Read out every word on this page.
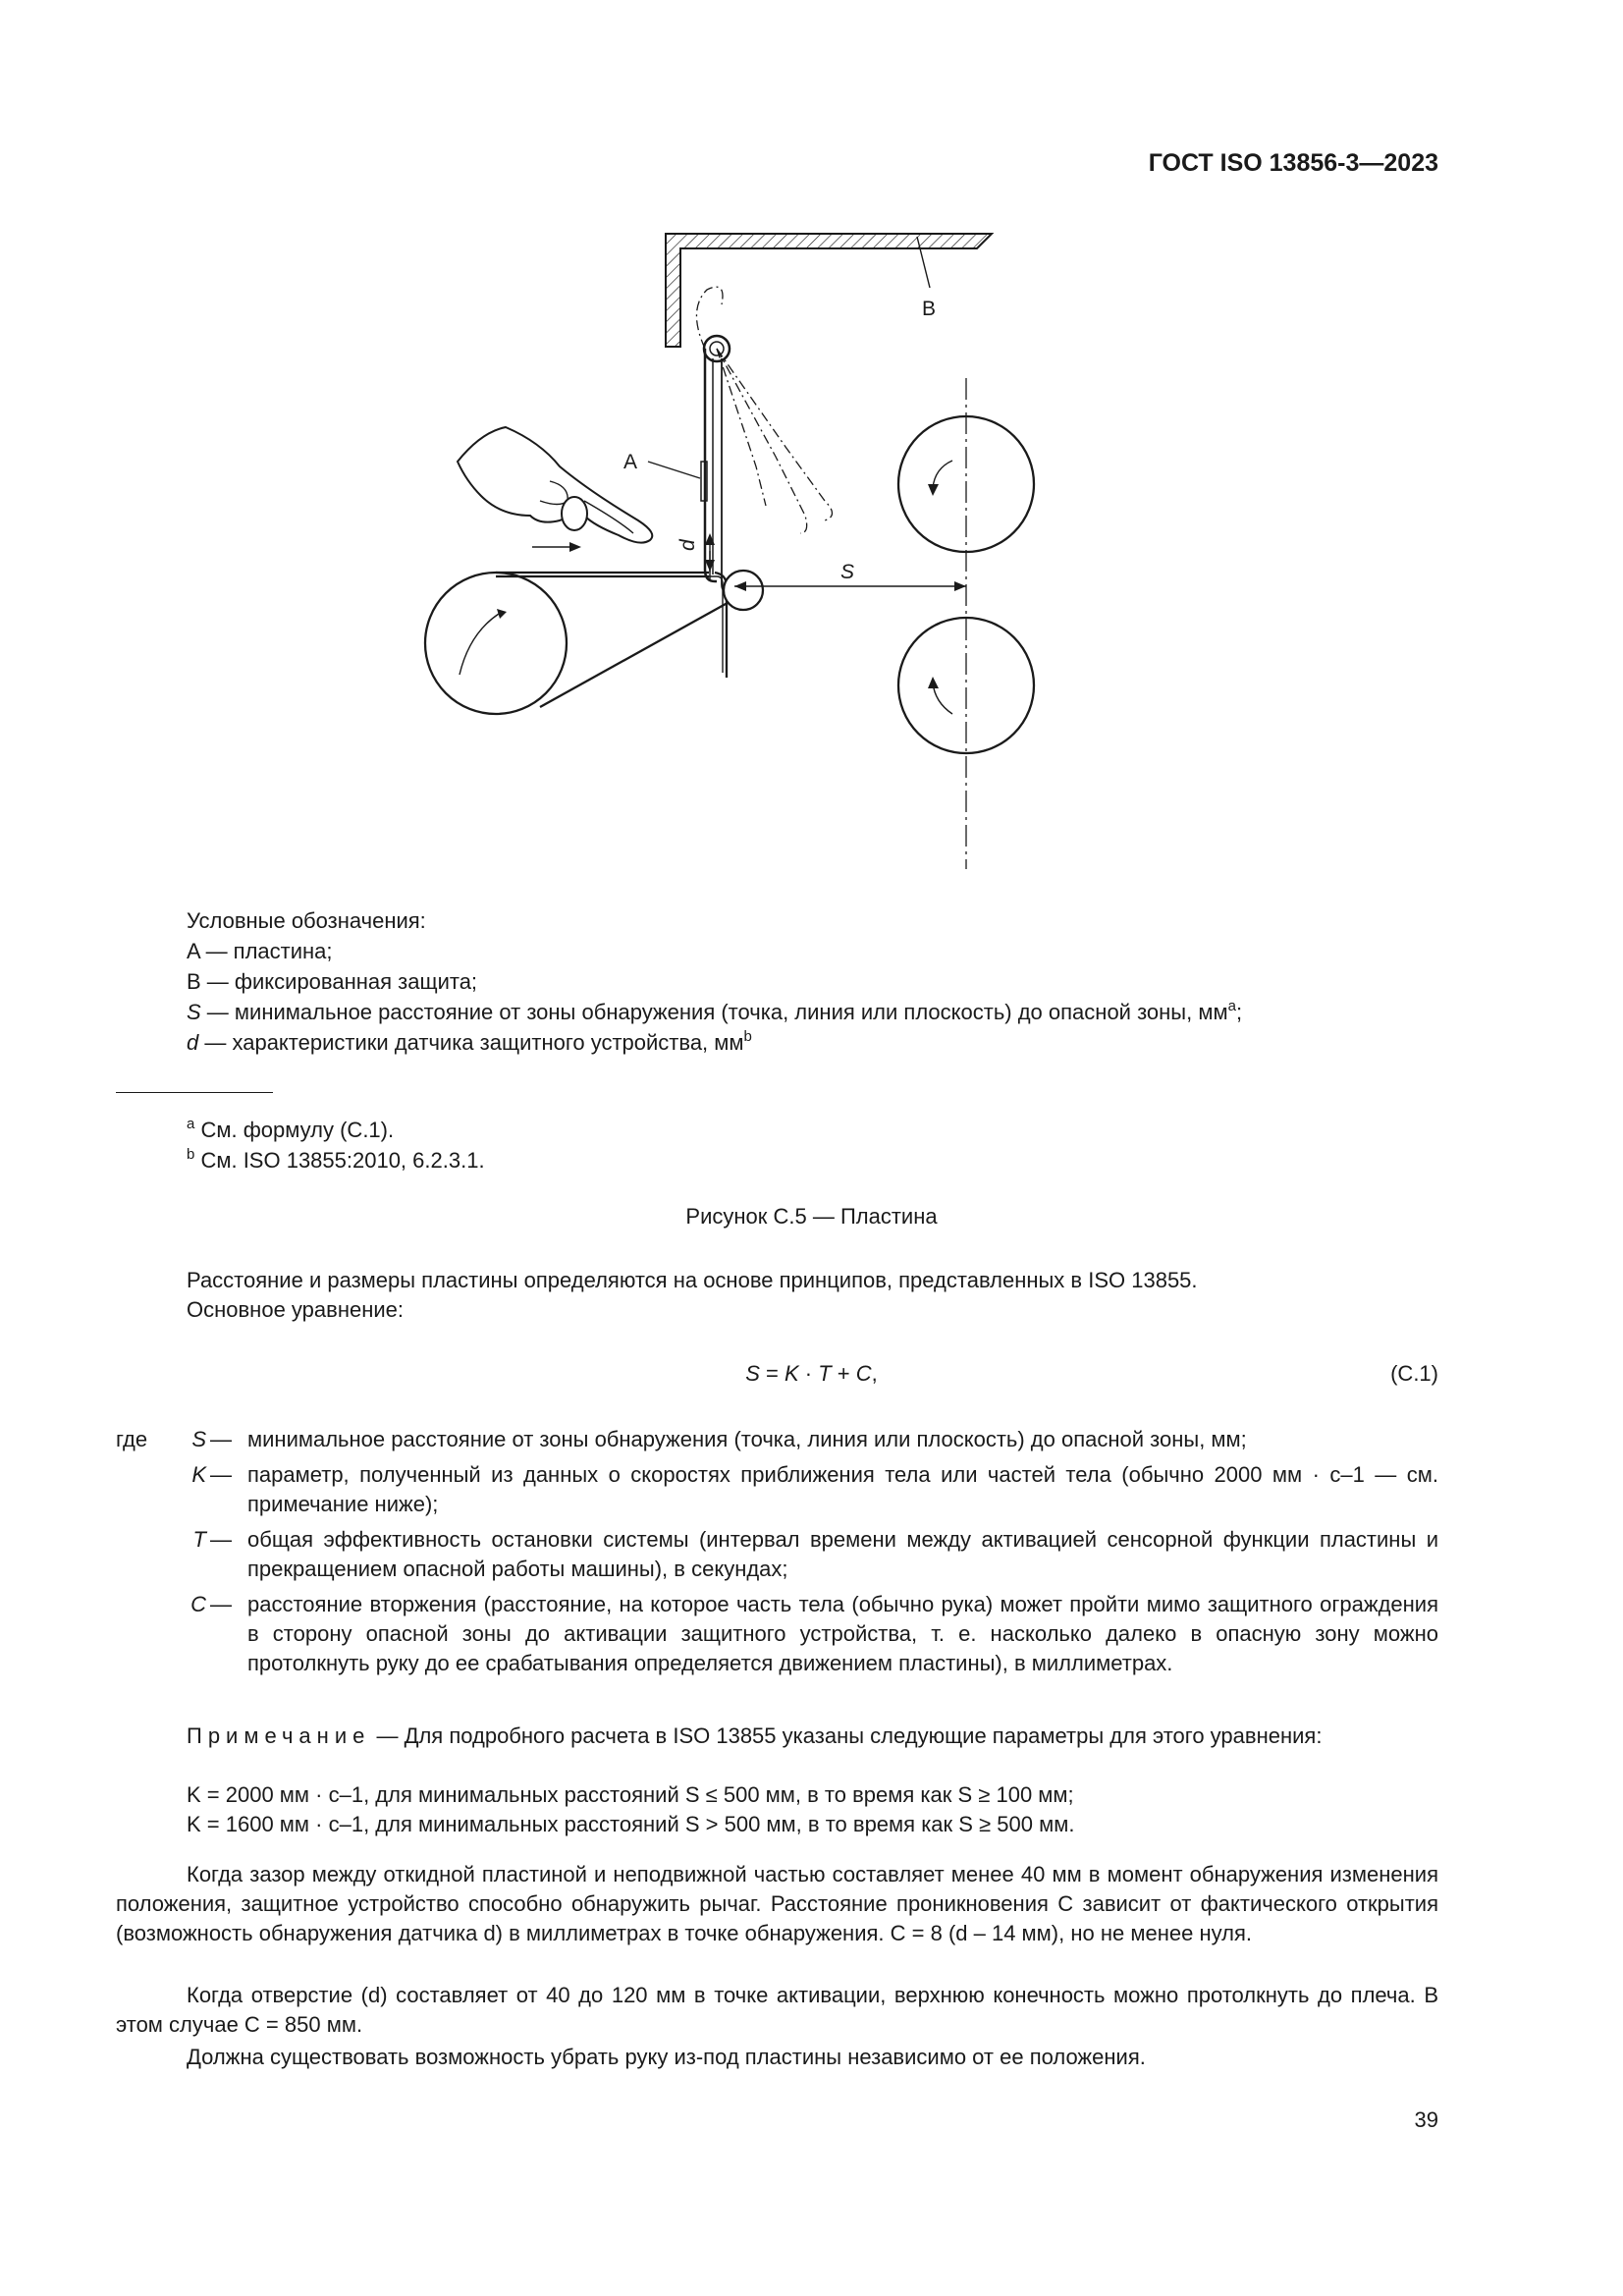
ГОСТ ISO 13856-3—2023
B
A
d
S
Условные обозначения:
A — пластина;
B — фиксированная защита;
S — минимальное расстояние от зоны обнаружения (точка, линия или плоскость) до опасной зоны, $мм^а$;
d — характеристики датчика защитного устройства, $мм^b$
$^а$ См. формулу (C.1).
$^b$ См. ISO 13855:2010, 6.2.3.1.
Рисунок C.5 — Пластина
Расстояние и размеры пластины определяются на основе принципов, представленных в ISO 13855.
Основное уравнение:
S = K · T + C,	(C.1)
где	S — минимальное расстояние от зоны обнаружения (точка, линия или плоскость) до опасной зоны, мм;
K — параметр, полученный из данных о скоростях приближения тела или частей тела (обычно 2000 мм · с–1 — см. примечание ниже);
T — общая эффективность остановки системы (интервал времени между активацией сенсорной функции пластины и прекращением опасной работы машины), в секундах;
C — расстояние вторжения (расстояние, на которое часть тела (обычно рука) может пройти мимо защитного ограждения в сторону опасной зоны до активации защитного устройства, т. е. насколько далеко в опасную зону можно протолкнуть руку до ее срабатывания определяется движением пластины), в миллиметрах.
Примечание — Для подробного расчета в ISO 13855 указаны следующие параметры для этого уравнения:
K = 2000 мм · с–1, для минимальных расстояний S ≤ 500 мм, в то время как S ≥ 100 мм;
K = 1600 мм · с–1, для минимальных расстояний S > 500 мм, в то время как S ≥ 500 мм.
Когда зазор между откидной пластиной и неподвижной частью составляет менее 40 мм в момент обнаружения изменения положения, защитное устройство способно обнаружить рычаг. Расстояние проникновения C зависит от фактического открытия (возможность обнаружения датчика d) в миллиметрах в точке обнаружения. C = 8 (d – 14 мм), но не менее нуля.
Когда отверстие (d) составляет от 40 до 120 мм в точке активации, верхнюю конечность можно протолкнуть до плеча. В этом случае C = 850 мм.
Должна существовать возможность убрать руку из-под пластины независимо от ее положения.
39
